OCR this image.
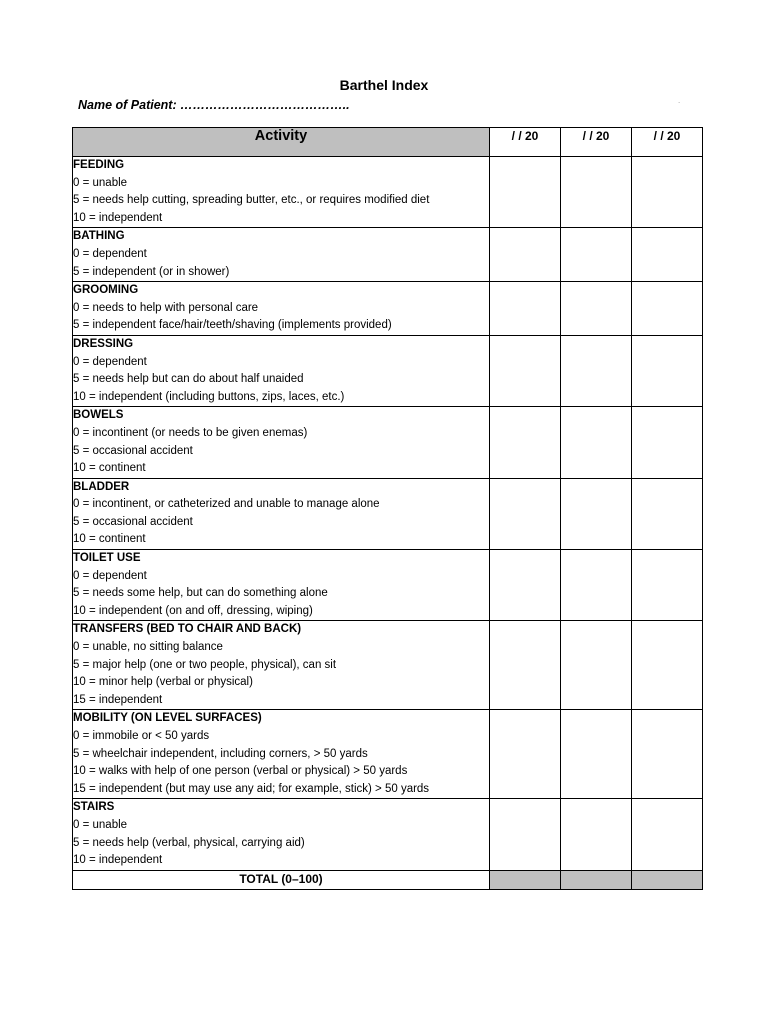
Barthel Index
Name of Patient: …………………………………..	.
Activity	/ / 20	/ / 20	/ / 20

FEEDING
0 = unable
5 = needs help cutting, spreading butter, etc., or requires modified diet
10 = independent			

BATHING
0 = dependent
5 = independent (or in shower)			

GROOMING
0 = needs to help with personal care
5 = independent face/hair/teeth/shaving (implements provided)			

DRESSING
0 = dependent
5 = needs help but can do about half unaided
10 = independent (including buttons, zips, laces, etc.)			

BOWELS
0 = incontinent (or needs to be given enemas)
5 = occasional accident
10 = continent			

BLADDER
0 = incontinent, or catheterized and unable to manage alone
5 = occasional accident
10 = continent			

TOILET USE
0 = dependent
5 = needs some help, but can do something alone
10 = independent (on and off, dressing, wiping)			

TRANSFERS (BED TO CHAIR AND BACK)
0 = unable, no sitting balance
5 = major help (one or two people, physical), can sit
10 = minor help (verbal or physical)
15 = independent			

MOBILITY (ON LEVEL SURFACES)
0 = immobile or < 50 yards
5 = wheelchair independent, including corners, > 50 yards
10 = walks with help of one person (verbal or physical) > 50 yards
15 = independent (but may use any aid; for example, stick) > 50 yards			

STAIRS
0 = unable
5 = needs help (verbal, physical, carrying aid)
10 = independent			

TOTAL (0–100)			
